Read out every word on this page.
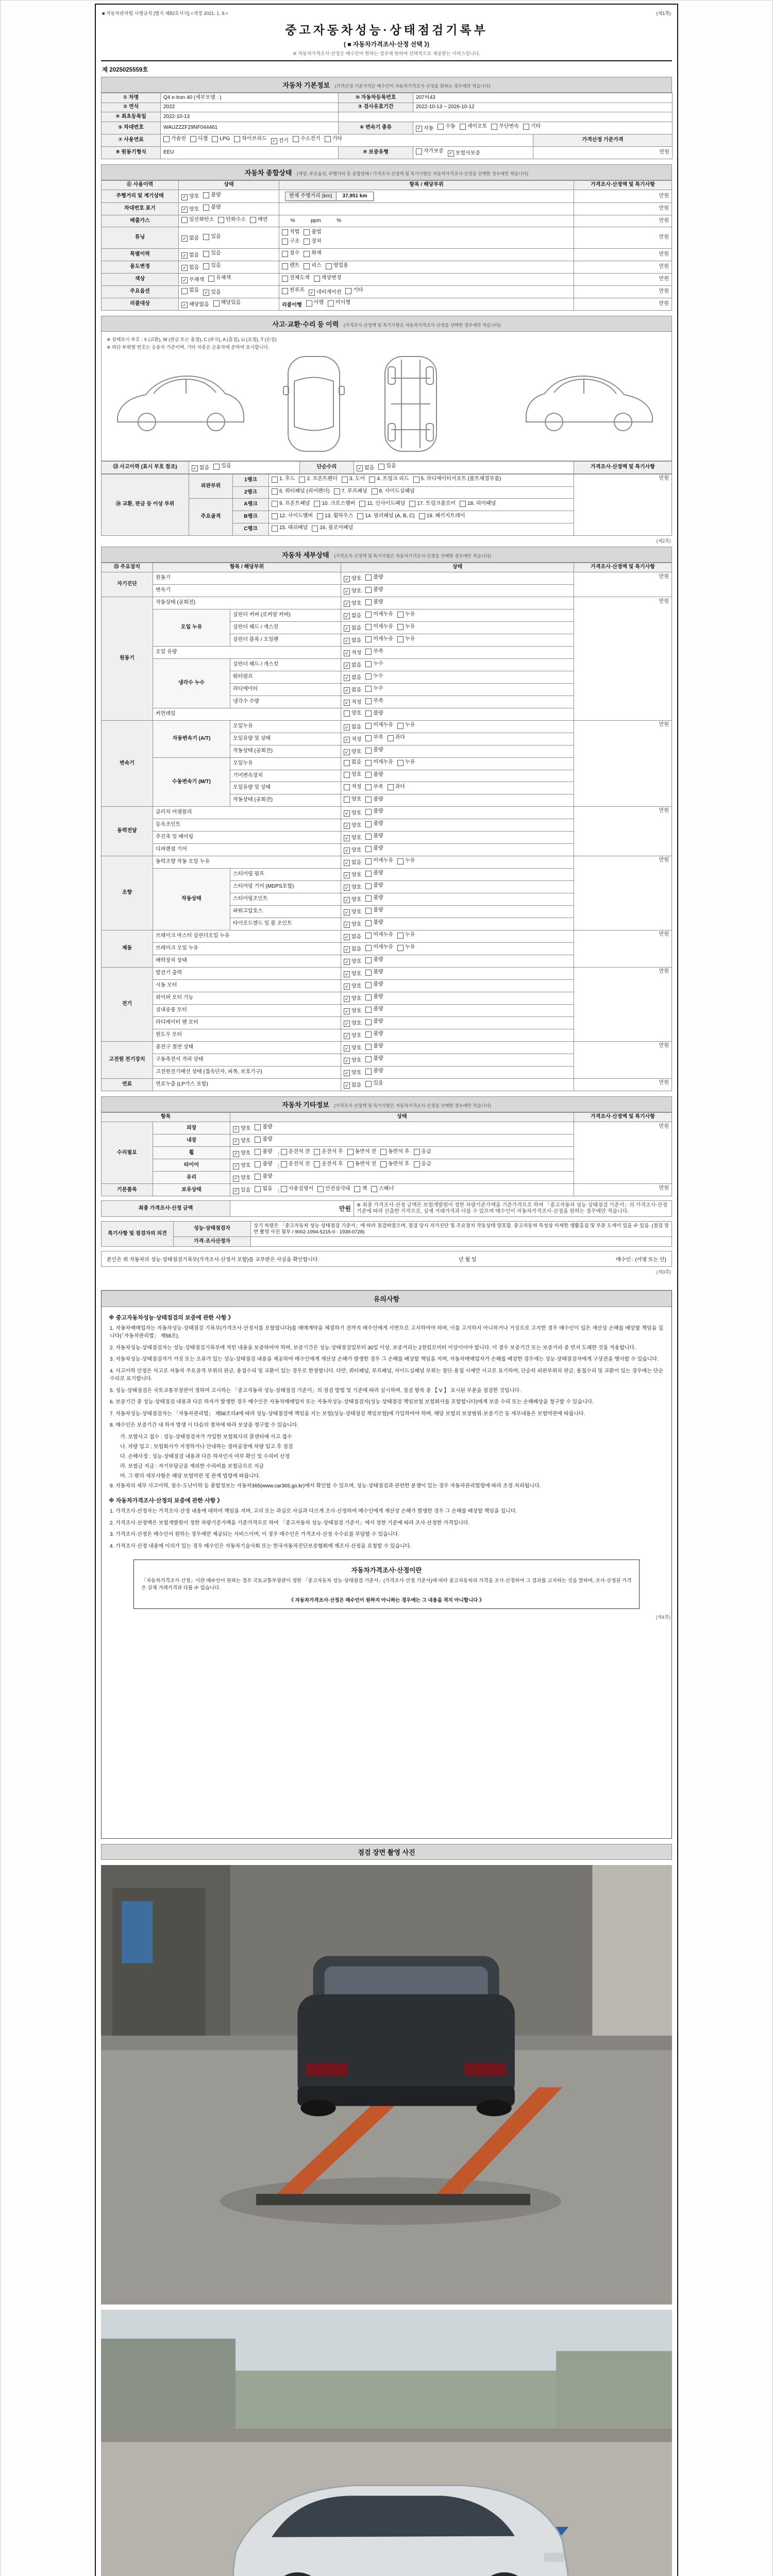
■ 자동차관리법 시행규칙 [별지 제82호서식] <개정 2021. 1. 9.>	(제1쪽)
중고자동차성능·상태점검기록부
( ■ 자동차가격조사·산정 선택 》)
※ 자동차가격조사·산정은 매수인이 원하는 경우에 한하여 선택적으로 제공받는 서비스입니다.
제 2025025559호
자동차 기본정보 (가격산정 기준가격은 매수인이 자동차가격조사·산정을 원하는 경우에만 적습니다)
① 차명	Q4 e-tron 40 (세부모델 : )	⑩ 자동차등록번호	207허43	
② 연식	2022	③ 검사유효기간	2022-10-13 ~ 2026-10-12	
④ 최초등록일	2022-10-13			
⑤ 차대번호	WAUZZZF29NF044461	⑥ 변속기 종류	✓ 자동 수동 세미오토 무단변속 기타

⑦ 사용연료	가솔린 디젤 LPG 하이브리드 ✓ 전기 수소전기 기타	가격산정 기준가격
⑧ 원동기형식	EEU	⑨ 보증유형	자가보증 ✓ 보험사보증	만원
자동차 종합상태 (색상, 주요옵션, 주행거리 등 종합상태 / 가격조사·산정액 및 특기사항은 자동차가격조사·산정을 선택한 경우에만 적습니다)
⑪ 사용이력	상태	항목 / 해당부위	가격조사·산정액 및 특기사항
주행거리 및 계기상태	✓ 양호 불량	현재 주행거리 (km) 37,951 km	만원
차대번호 표기	✓ 양호 불량		만원
배출가스	일산화탄소 탄화수소 매연	%           ppm           %	만원
튜닝	✓ 없음 있음	적법 불법

구조 장치	만원
특별이력	✓ 없음 있음	침수 화재	만원
용도변경	✓ 없음 있음	렌트 리스 영업용	만원
색상	✓ 무채색 유채색	전체도색 색상변경	만원
주요옵션	없음 ✓ 있음	썬루프 ✓ 네비게이션 기타	만원
리콜대상	✓ 해당없음 해당있음	리콜이행 이행 미이행	만원
사고·교환·수리 등 이력 (가격조사·산정액 및 특기사항은 자동차가격조사·산정을 선택한 경우에만 적습니다)
※ 상태표시 부호 : X (교환), W (판금 또는 용접), C (부식), A (흠집), U (요철), T (손상)
※ 하단 부위별 번호는 승용차 기준이며, 기타 차종은 승용차에 준하여 표시합니다.
⑬ 사고이력 (표시 부호 참조)	✓ 없음 있음	단순수리	✓ 없음 있음	가격조사·산정액 및 특기사항
⑭ 교환, 판금 등 이상 부위	외판부위	1랭크	1. 후드 2. 프론트펜더 3. 도어 4. 트렁크 리드 5. 라디에이터서포트 (볼트체결부품)	만원
		2랭크	6. 쿼터패널 (리어펜더) 7. 루프패널 8. 사이드실패널	

	주요골격	A랭크	9. 프론트패널 10. 크로스멤버 11. 인사이드패널 17. 트렁크플로어 18. 리어패널	

		B랭크	12. 사이드멤버 13. 휠하우스 14. 필러패널 (A, B, C) 19. 패키지트레이	

		C랭크	15. 대쉬패널 16. 플로어패널	
(제2쪽)
자동차 세부상태 (가격조사·산정액 및 특기사항은 자동차가격조사·산정을 선택한 경우에만 적습니다)
⑮ 주요장치	항목 / 해당부위		상태	가격조사·산정액 및 특기사항
자기진단	원동기		✓ 양호 불량	만원
	변속기		✓ 양호 불량	

원동기	작동상태 (공회전)		✓ 양호 불량	만원
	오일 누유	실린더 커버 (로커암 커버)	✓ 없음 미세누유 누유	

		실린더 헤드 / 개스킷	✓ 없음 미세누유 누유	

		실린더 블록 / 오일팬	✓ 없음 미세누유 누유	

	오일 유량		✓ 적정 부족	

	냉각수 누수	실린더 헤드 / 개스킷	✓ 없음 누수	

		워터펌프	✓ 없음 누수	

		라디에이터	✓ 없음 누수	

		냉각수 수량	✓ 적정 부족	

	커먼레일		양호 불량	

변속기	자동변속기 (A/T)	오일누유	✓ 없음 미세누유 누유	만원
		오일유량 및 상태	✓ 적정 부족 과다	

		작동상태 (공회전)	✓ 양호 불량	

	수동변속기 (M/T)	오일누유	없음 미세누유 누유	

		기어변속장치	양호 불량	

		오일유량 및 상태	적정 부족 과다	

		작동상태 (공회전)	양호 불량	

동력전달	클러치 어셈블리		✓ 양호 불량	만원
	등속조인트		✓ 양호 불량	

	추진축 및 베어링		✓ 양호 불량	

	디퍼렌셜 기어		✓ 양호 불량	

조향	동력조향 작동 오일 누유		✓ 없음 미세누유 누유	만원
	작동상태	스티어링 펌프	✓ 양호 불량	

		스티어링 기어 (MDPS포함)	✓ 양호 불량	

		스티어링조인트	✓ 양호 불량	

		파워고압호스	✓ 양호 불량	

		타이로드엔드 및 볼 조인트	✓ 양호 불량	

제동	브레이크 마스터 실린더오일 누유		✓ 없음 미세누유 누유	만원
	브레이크 오일 누유		✓ 없음 미세누유 누유	

	배력장치 상태		✓ 양호 불량	

전기	발전기 출력		✓ 양호 불량	만원
	시동 모터		✓ 양호 불량	

	와이퍼 모터 기능		✓ 양호 불량	

	실내송풍 모터		✓ 양호 불량	

	라디에이터 팬 모터		✓ 양호 불량	

	윈도우 모터		✓ 양호 불량	

고전원 전기장치	충전구 절연 상태		✓ 양호 불량	만원
	구동축전지 격리 상태		✓ 양호 불량	

	고전원전기배선 상태 (접속단자, 피복, 보호기구)		✓ 양호 불량	

연료	연료누출 (LP가스 포함)		✓ 없음 있음	만원
자동차 기타정보 (가격조사·산정액 및 특기사항은 자동차가격조사·산정을 선택한 경우에만 적습니다)
항목		상태	가격조사·산정액 및 특기사항
수리필요	외장	✓ 양호 불량	만원
	내장	✓ 양호 불량	

휠	✓ 양호 불량 | 운전석 전 운전석 후 동반석 전 동반석 후 응급

타이어	✓ 양호 불량 | 운전석 전 운전석 후 동반석 전 동반석 후 응급

	유리	✓ 양호 불량	

기본품목	보유상태	✓ 있음 없음 | 사용설명서 안전삼각대 잭 스패너	만원
최종 가격조사·산정 금액	만원	※ 최종 가격조사·산정 금액은 보험개발원이 정한 차량기준가액을 기준가격으로 하여 「중고자동차 성능·상태점검 기준서」의 가격조사·산정 기준에 따라 산출한 가격으로, 실제 거래가격과 다를 수 있으며 매수인이 자동차가격조사·산정을 원하는 경우에만 적습니다.
특기사항 및 점검자의 의견	성능·상태점검자	상기 차량은 「중고자동차 성능·상태점검 기준서」에 따라 점검하였으며, 점검 당시 자가진단 및 주요장치 작동상태 양호함. 중고자동차 특성상 미세한 생활흠집 및 부분 도색이 있을 수 있음. (점검 장면 촬영 사진 첨부 / 9002-1994-5215-0 · 1939-0728)
	가격·조사산정자	
본인은 위 자동차의 성능·상태점검기록부(가격조사·산정서 포함)를 교부받은 사실을 확인합니다.	년 월 일	매수인 : (서명 또는 인)
(제3쪽)
유의사항
※ 중고자동차성능·상태점검의 보증에 관한 사항 》
1. 자동차매매업자는 자동차성능·상태점검 기록부(가격조사·산정서를 포함합니다)를 매매계약을 체결하기 전까지 매수인에게 서면으로 고지하여야 하며, 이를 고지하지 아니하거나 거짓으로 고지한 경우 매수인이 입은 재산상 손해를 배상할 책임을 집니다(「자동차관리법」 제58조).
2. 자동차성능·상태점검자는 성능·상태점검기록부에 적힌 내용을 보증하여야 하며, 보증기간은 성능·상태점검일부터 30일 이상, 보증거리는 2천킬로미터 이상이어야 합니다. 이 경우 보증기간 또는 보증거리 중 먼저 도래한 것을 적용합니다.
3. 자동차성능·상태점검자가 거짓 또는 오류가 있는 성능·상태점검 내용을 제공하여 매수인에게 재산상 손해가 발생한 경우 그 손해를 배상할 책임을 지며, 자동차매매업자가 손해를 배상한 경우에는 성능·상태점검자에게 구상권을 행사할 수 있습니다.
4. 사고이력 인정은 사고로 자동차 주요골격 부위의 판금, 용접수리 및 교환이 있는 경우로 한정합니다. 다만, 쿼터패널, 루프패널, 사이드실패널 부위는 절단·용접 시에만 사고로 표기하며, 단순히 외판부위의 판금, 용접수리 및 교환이 있는 경우에는 단순수리로 표기합니다.
5. 성능·상태점검은 국토교통부장관이 정하여 고시하는 「중고자동차 성능·상태점검 기준서」의 점검 방법 및 기준에 따라 실시하며, 점검 항목 중 【 V 】 표시된 부분을 점검한 것입니다.
6. 보증기간 중 성능·상태점검 내용과 다른 하자가 발생한 경우 매수인은 자동차매매업자 또는 자동차성능·상태점검자(성능·상태점검 책임보험 보험회사를 포함합니다)에게 보증 수리 또는 손해배상을 청구할 수 있습니다.
7. 자동차성능·상태점검자는 「자동차관리법」 제58조의4에 따라 성능·상태점검에 책임을 지는 보험(성능·상태점검 책임보험)에 가입하여야 하며, 해당 보험의 보장범위·보증기간 등 세부내용은 보험약관에 따릅니다.
8. 매수인은 보증기간 내 하자 발생 시 다음의 절차에 따라 보상을 청구할 수 있습니다.
가. 보험사고 접수 : 성능·상태점검자가 가입한 보험회사의 콜센터에 사고 접수
나. 차량 입고 : 보험회사가 지정하거나 안내하는 정비공장에 차량 입고 후 점검
다. 손해사정 : 성능·상태점검 내용과 다른 하자인지 여부 확인 및 수리비 산정
라. 보험금 지급 : 자기부담금을 제외한 수리비를 보험금으로 지급
마. 그 밖의 세부사항은 해당 보험약관 및 관계 법령에 따릅니다.
9. 자동차의 세부 사고이력, 침수·도난이력 등 종합정보는 자동차365(www.car365.go.kr)에서 확인할 수 있으며, 성능·상태점검과 관련한 분쟁이 있는 경우 자동차관리법령에 따라 조정·처리됩니다.
※ 자동차가격조사·산정의 보증에 관한 사항 》
1. 가격조사·산정자는 가격조사·산정 내용에 대하여 책임을 지며, 고의 또는 과실로 사실과 다르게 조사·산정하여 매수인에게 재산상 손해가 발생한 경우 그 손해를 배상할 책임을 집니다.
2. 가격조사·산정액은 보험개발원이 정한 차량기준가액을 기준가격으로 하여 「중고자동차 성능·상태점검 기준서」에서 정한 기준에 따라 조사·산정한 가격입니다.
3. 가격조사·산정은 매수인이 원하는 경우에만 제공되는 서비스이며, 이 경우 매수인은 가격조사·산정 수수료를 부담할 수 있습니다.
4. 가격조사·산정 내용에 이의가 있는 경우 매수인은 자동차기술사회 또는 한국자동차진단보증협회에 재조사·산정을 요청할 수 있습니다.
자동차가격조사·산정이란
「자동차가격조사·산정」이란 매수인이 원하는 경우 국토교통부장관이 정한 「중고자동차 성능·상태점검 기준서」(가격조사·산정 기준서)에 따라 중고자동차의 가격을 조사·산정하여 그 결과를 고지하는 것을 말하며, 조사·산정된 가격은 실제 거래가격과 다를 수 있습니다.
《 자동차가격조사·산정은 매수인이 원하지 아니하는 경우에는 그 내용을 적지 아니합니다 》
(제4쪽)
점검 장면 촬영 사진
